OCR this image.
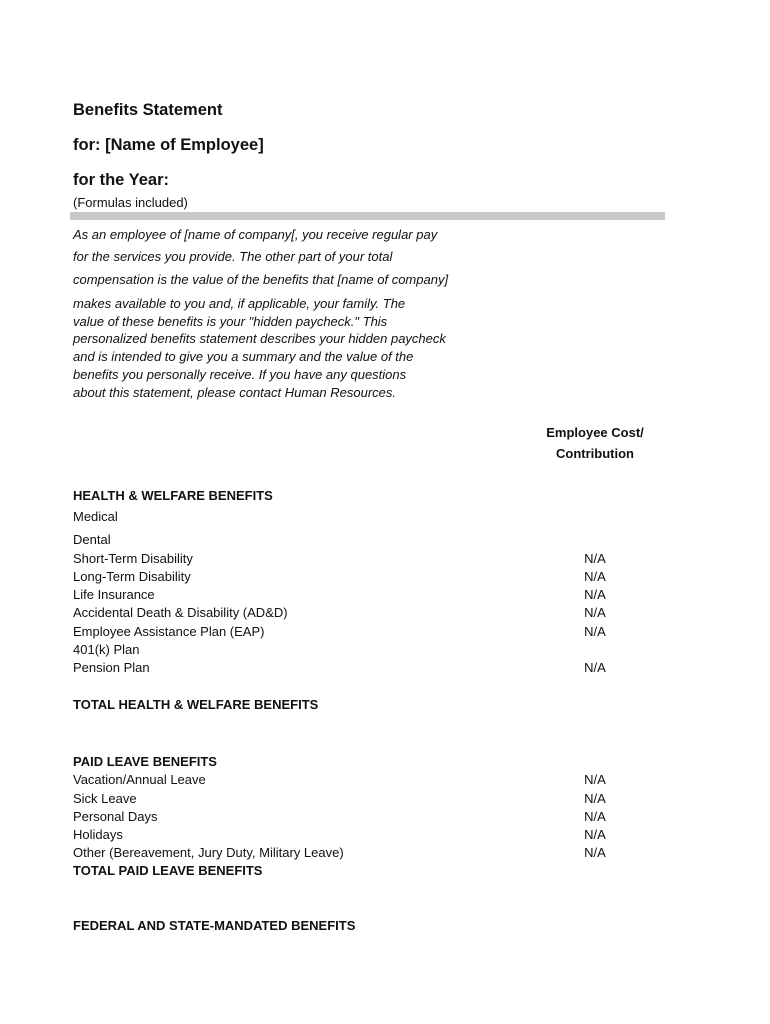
Benefits Statement
for: [Name of Employee]
for the Year:
(Formulas included)
As an employee of [name of company[, you receive regular pay
for the services you provide. The other part of your total
compensation is the value of the benefits that [name of company]
makes available to you and, if applicable, your family. The
value of these benefits is your "hidden paycheck." This
personalized benefits statement describes your hidden paycheck
and is intended to give you a summary and the value of the
benefits you personally receive. If you have any questions
about this statement, please contact Human Resources.
Employee Cost/
Contribution
HEALTH & WELFARE BENEFITS
Medical
Dental
Short-Term Disability	N/A
Long-Term Disability	N/A
Life Insurance	N/A
Accidental Death & Disability (AD&D)	N/A
Employee Assistance Plan (EAP)	N/A
401(k) Plan
Pension Plan	N/A
TOTAL HEALTH & WELFARE BENEFITS
PAID LEAVE BENEFITS
Vacation/Annual Leave	N/A
Sick Leave	N/A
Personal Days	N/A
Holidays	N/A
Other (Bereavement, Jury Duty, Military Leave)	N/A
TOTAL PAID LEAVE BENEFITS
FEDERAL AND STATE-MANDATED BENEFITS
